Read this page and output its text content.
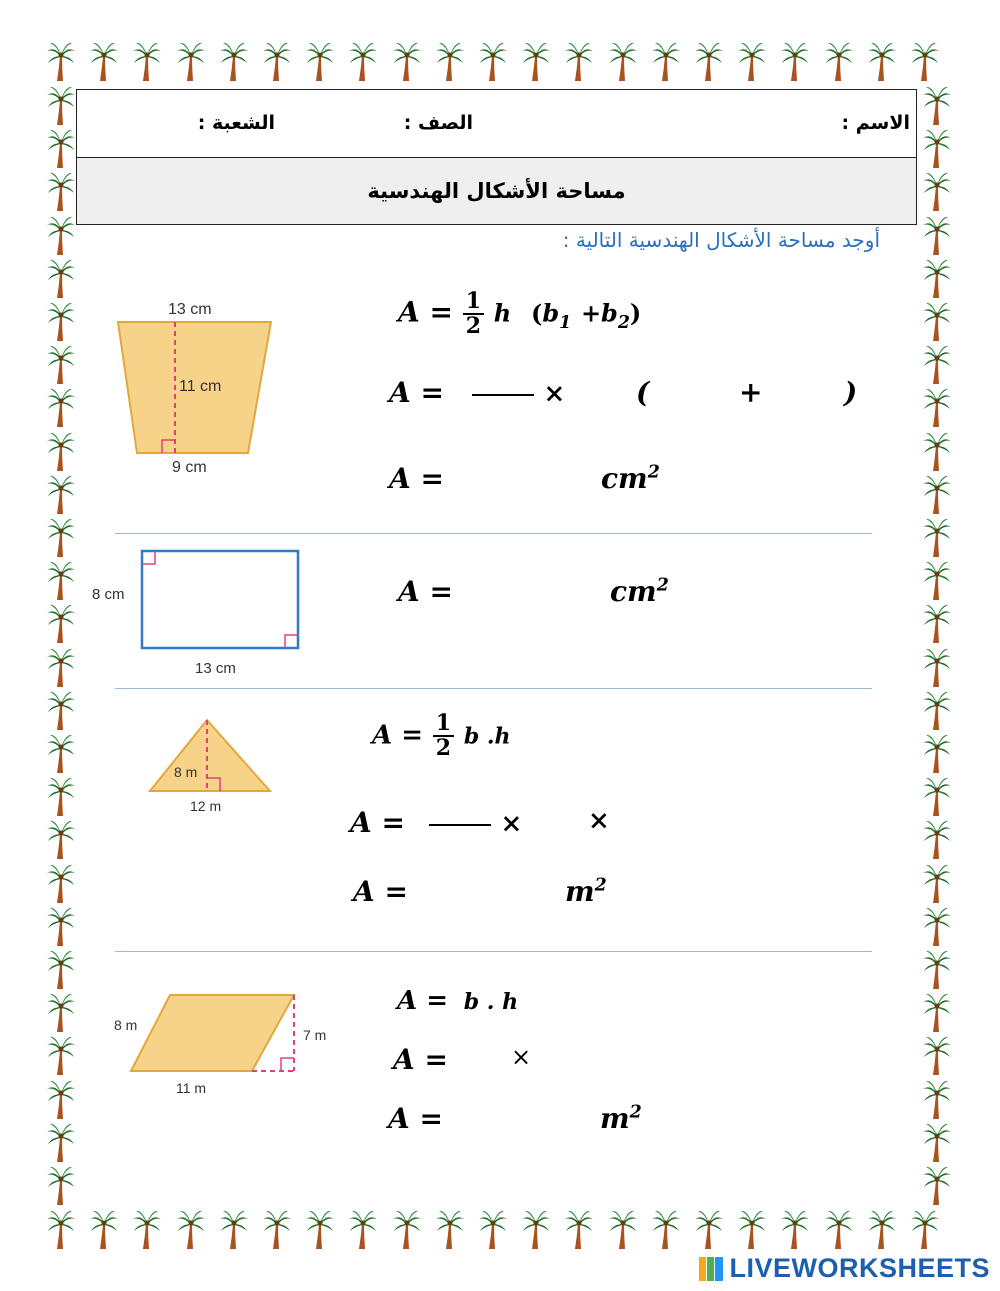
الاسم :
الصف :
الشعبة :
مساحة الأشكال الهندسية
أوجد مساحة الأشكال الهندسية التالية :
13 cm
11 cm
9 cm
$A = \frac{1}{2}$ h $(b_1 +b_2)$
A =	×	(	+	)
A =	$cm^2$
8 cm
13 cm
A =	$cm^2$
8 m
12 m
$A = \frac{1}{2}$ b .h
A =	×	×
A =	$m^2$
8 m
7 m
11 m
A = b . h
A =	×
A =	$m^2$
LIVEWORKSHEETS
